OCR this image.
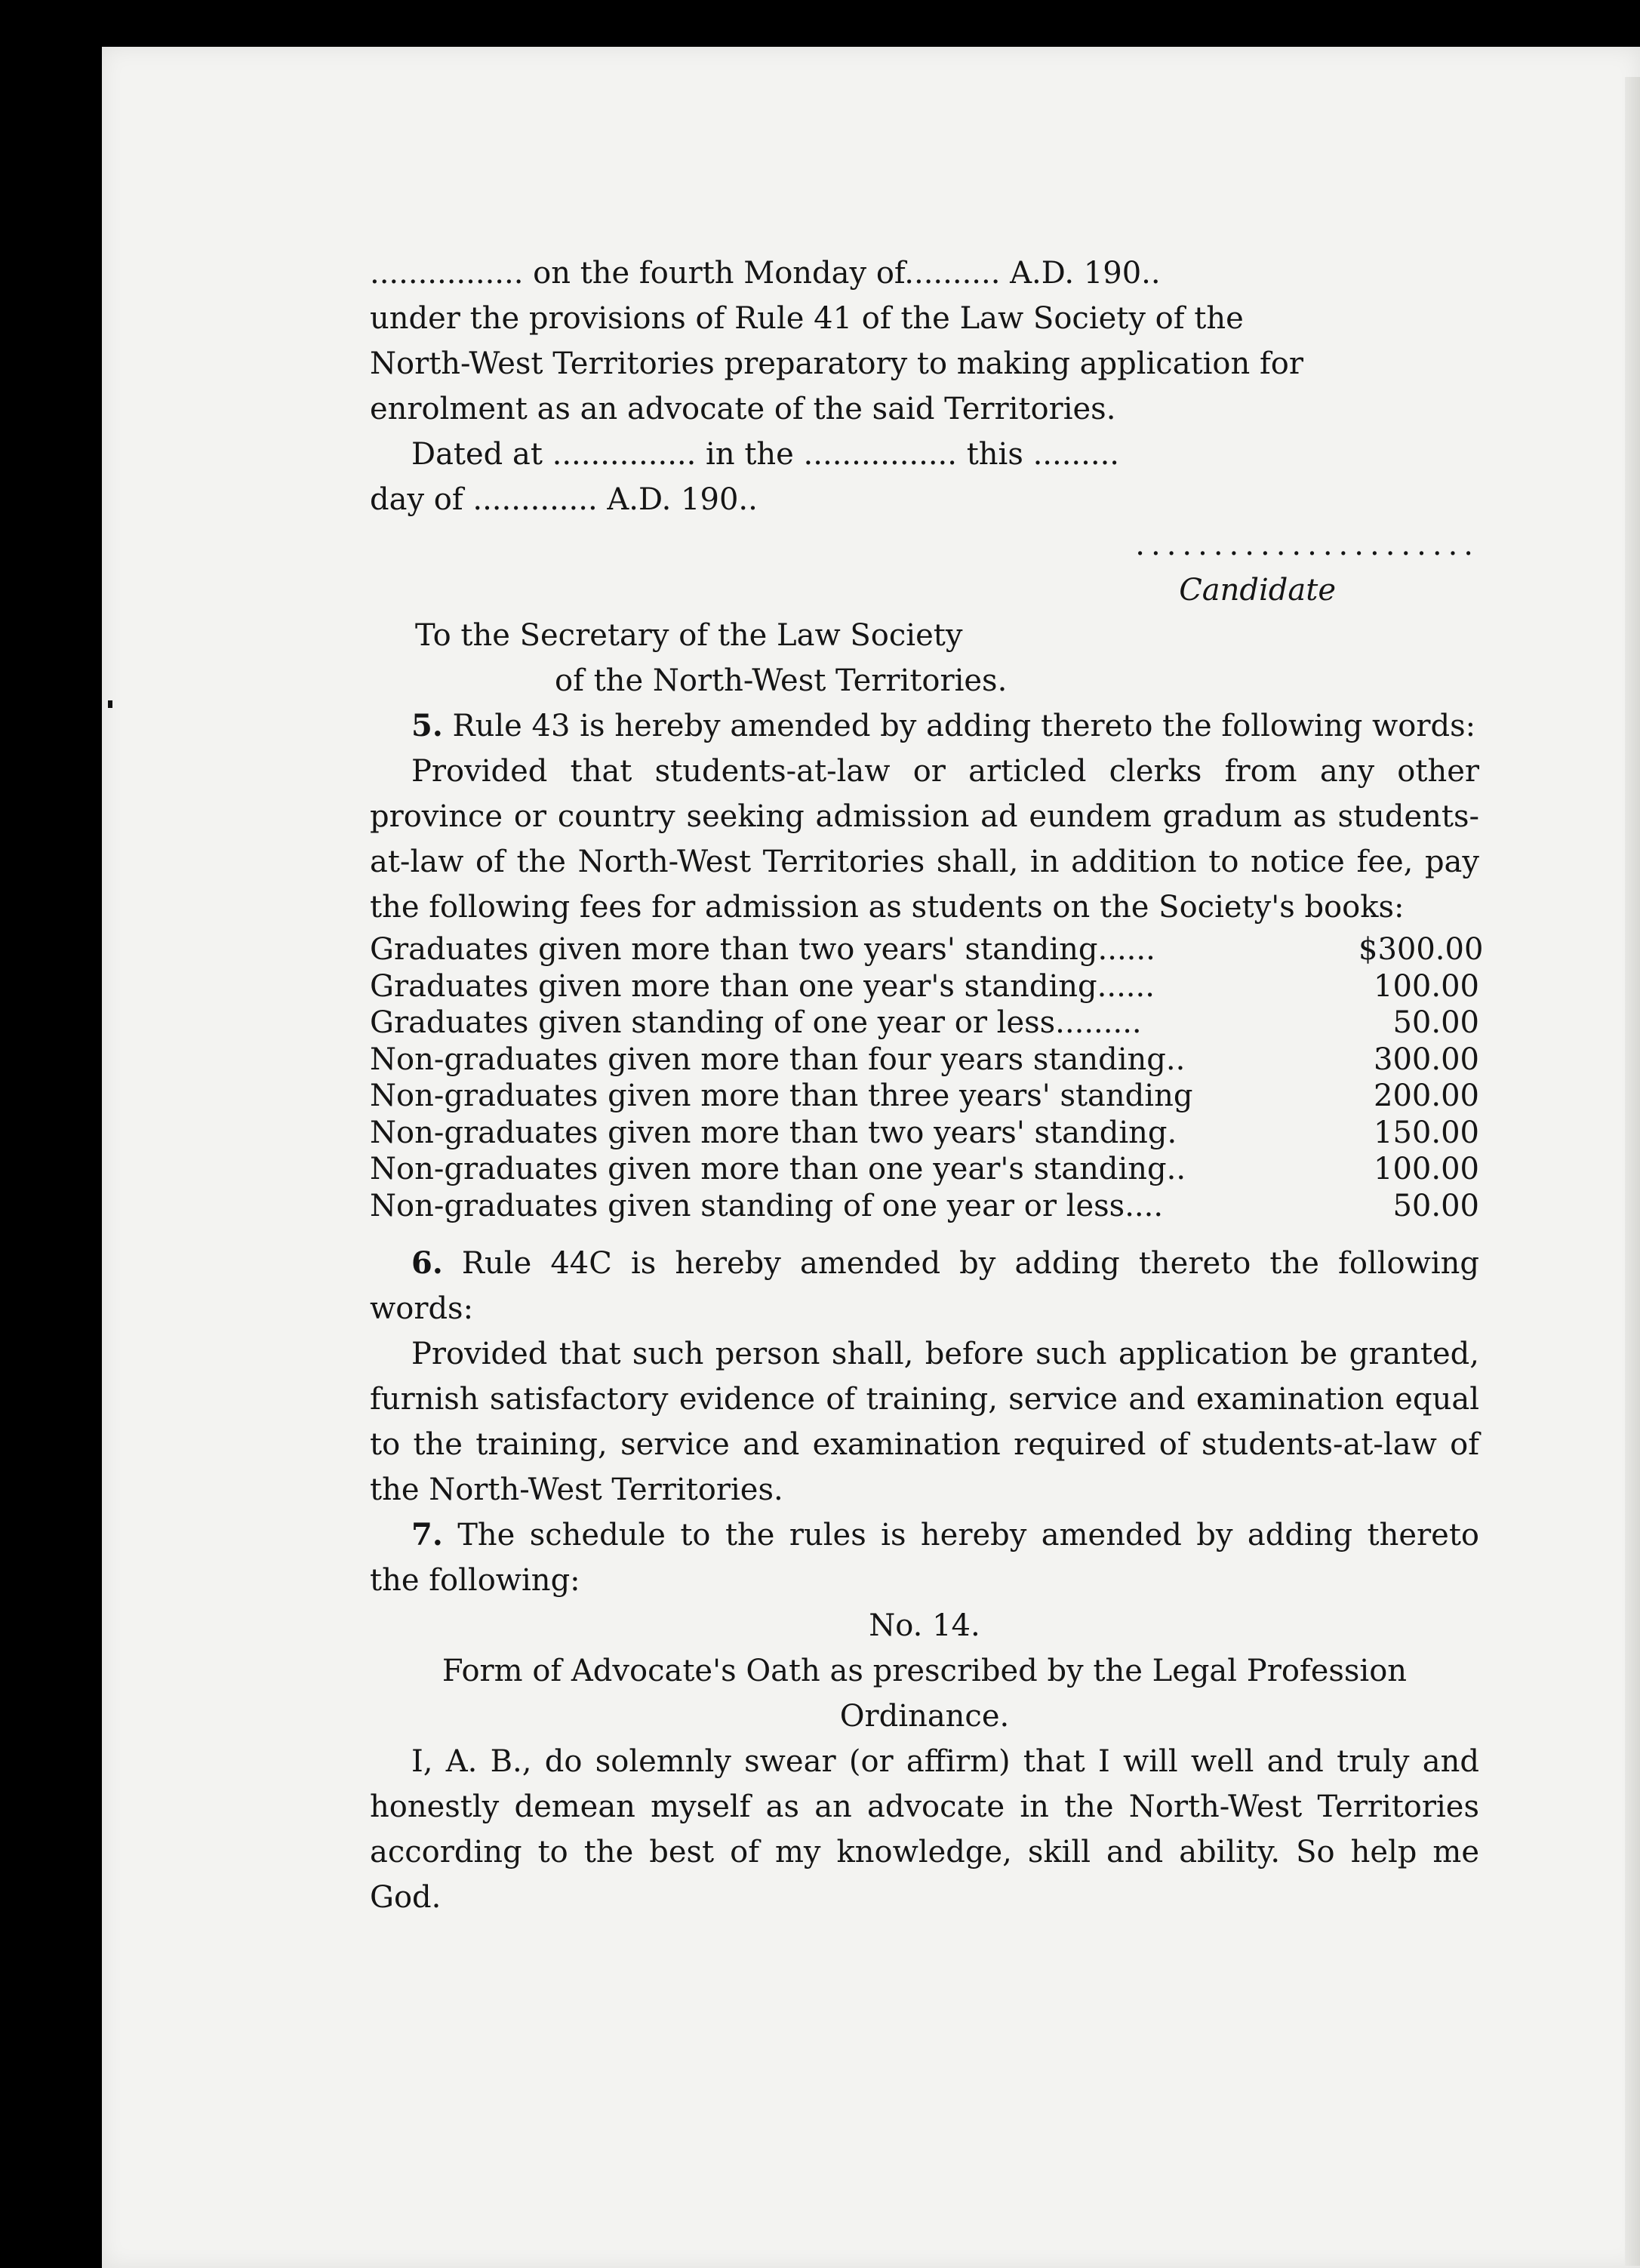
................ on the fourth Monday of.......... A.D. 190..
under the provisions of Rule 41 of the Law Society of the
North-West Territories preparatory to making application for
enrolment as an advocate of the said Territories.

Dated at ............... in the ................ this .........

day of ............. A.D. 190..

......................

Candidate

To the Secretary of the Law Society

of the North-West Territories.

5. Rule 43 is hereby amended by adding thereto the following words:

Provided that students-at-law or articled clerks from any other province or country seeking admission ad eundem gradum as students-at-law of the North-West Territories shall, in addition to notice fee, pay the following fees for admission as students on the Society's books:

Graduates given more than two years' standing......	$300.00
Graduates given more than one year's standing......	100.00
Graduates given standing of one year or less.........	50.00
Non-graduates given more than four years standing..	300.00
Non-graduates given more than three years' standing	200.00
Non-graduates given more than two years' standing.	150.00
Non-graduates given more than one year's standing..	100.00
Non-graduates given standing of one year or less....	50.00

6. Rule 44C is hereby amended by adding thereto the following words:

Provided that such person shall, before such application be granted, furnish satisfactory evidence of training, service and examination equal to the training, service and examination required of students-at-law of the North-West Territories.

7. The schedule to the rules is hereby amended by adding thereto the following:

No. 14.

Form of Advocate's Oath as prescribed by the Legal Profession Ordinance.

I, A. B., do solemnly swear (or affirm) that I will well and truly and honestly demean myself as an advocate in the North-West Territories according to the best of my knowledge, skill and ability. So help me God.
